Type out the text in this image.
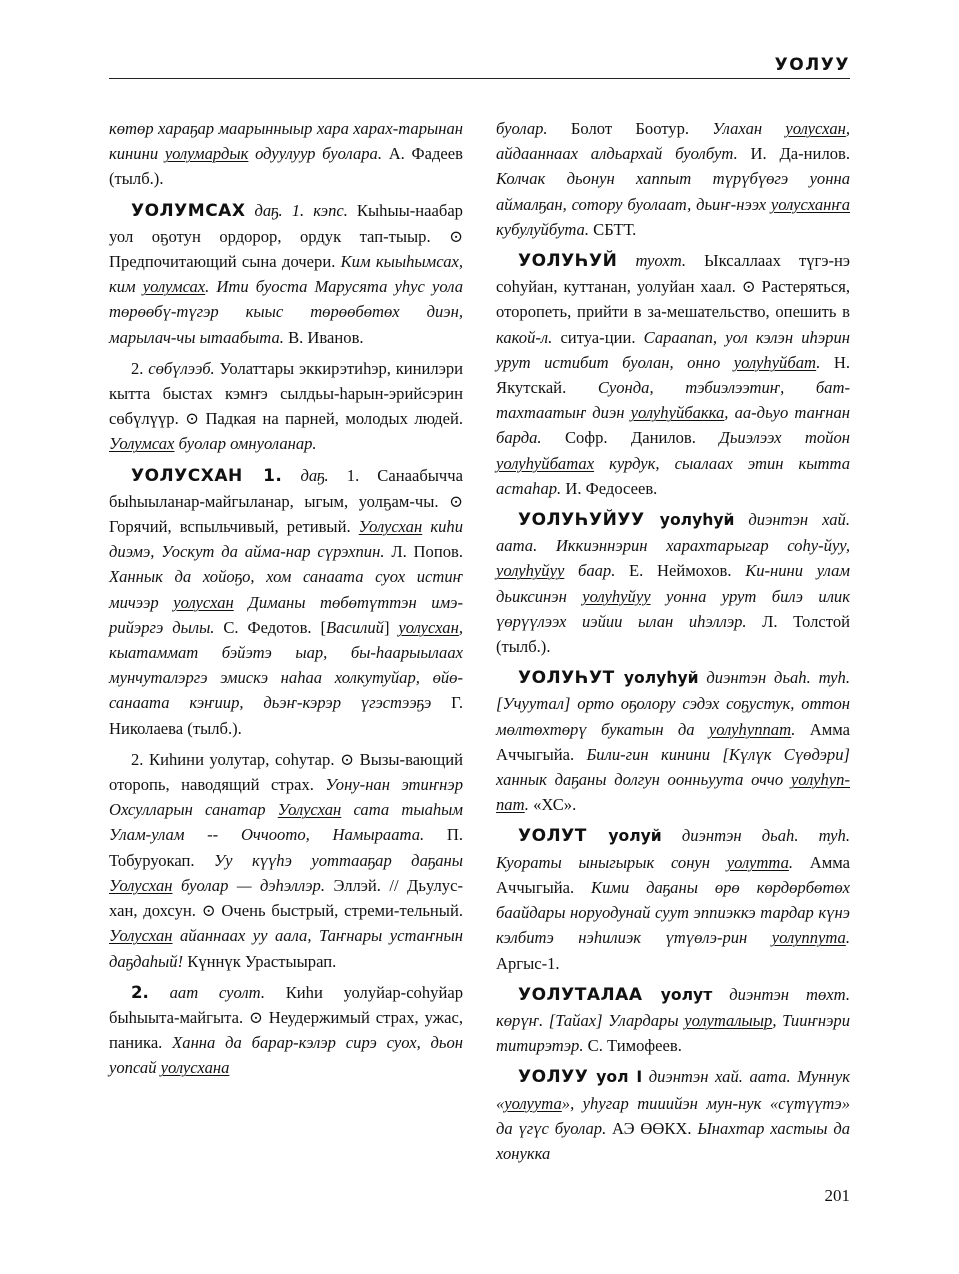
УОЛУУ

көтөр хараҕар маарынныыр хара харах-тарынан кинини уолумардык одуулуур буолара. А. Фадеев (тылб.).

УОЛУМСАХ даҕ. 1. кэпс. Кыһыы-наабар уол оҕотун ордорор, ордук тап-тыыр. ⊙ Предпочитающий сына дочери. Ким кыыһымсах, ким уолумсах. Ити буоста Марусята уһус уола төрөөбү-түгэр кыыс төрөөбөтөх диэн, марылач-чы ытаабыта. В. Иванов.

2. сөбүлээб. Уолаттары эккирэтиһэр, кинилэри кытта быстах кэмҥэ сылдьы-һарын-эрийсэрин сөбүлүүр. ⊙ Падкая на парней, молодых людей. Уолумсах буолар омнуоланар.

УОЛУСХАН 1. даҕ. 1. Санаабычча быһыыланар-майгыланар, ыгым, уолҕам-чы. ⊙ Горячий, вспыльчивый, ретивый. Уолусхан киһи диэмэ, Уоскут да айма-нар сүрэхпин. Л. Попов. Ханнык да хойоҕо, хом санаата суох истиҥ мичээр уолусхан Диманы төбөтүттэн имэ-рийэргэ дылы. С. Федотов. [Василий] уолусхан, кыатаммат бэйэтэ ыар, бы-һаарыылаах мунчуталэргэ эмискэ наһаа холкутуйар, өйө-санаата кэҥиир, дьэҥ-кэрэр үгэстээҕэ Г. Николаева (тылб.).

2. Киһини уолутар, соһутар. ⊙ Вызы-вающий оторопь, наводящий страх. Уону-нан этиҥнэр Охсулларын санатар Уолусхан сата тыаһым Улам-улам -- Оччоото, Намыраата. П. Тобуруокап. Уу күүһэ уоттааҕар даҕаны Уолусхан буолар — дэһэллэр. Эллэй. // Дьулус-хан, дохсун. ⊙ Очень быстрый, стреми-тельный. Уолусхан айаннаах уу аала, Таҥнары устаҥнын даҕдаһый! Күннүк Урастыырап.

2. аат суолт. Киһи уолуйар-соһуйар быһыыта-майгыта. ⊙ Неудержимый страх, ужас, паника. Ханна да барар-кэлэр сирэ суох, дьон уопсай уолусхана

буолар. Болот Боотур. Улахан уолусхан, айдааннаах алдьархай буолбут. И. Да-нилов. Колчак дьонун хаппыт түрүбүөгэ уонна аймалҕан, сотору буолаат, дьиҥ-нээх уолусханҥа кубулуйбута. СБТТ.

УОЛУҺУЙ туохт. Ыксаллаах түгэ-нэ соһуйан, куттанан, уолуйан хаал. ⊙ Растеряться, оторопеть, прийти в за-мешательство, опешить в какой-л. ситуа-ции. Сараапап, уол кэлэн иһэрин урут истибит буолан, онно уолуһуйбат. Н. Якутскай. Суонда, тэбиэлээтиҥ, бат-тахтаатыҥ диэн уолуһуйбакка, аа-дьуо таҥнан барда. Софр. Данилов. Дьиэлээх тойон уолуһуйбатах курдук, сыалаах этин кытта астаһар. И. Федосеев.

УОЛУҺУЙУУ уолуһуй диэнтэн хай. аата. Иккиэннэрин харахтарыгар соһу-йуу, уолуһуйуу баар. Е. Неймохов. Ки-нини улам дьиксинэн уолуһуйуу уонна урут билэ илик үөрүүлээх иэйии ылан иһэллэр. Л. Толстой (тылб.).

УОЛУҺУТ уолуһуй диэнтэн дьаһ. туһ. [Учуутал] орто оҕолору сэдэх соҕустук, оттон мөлтөхтөрү букатын да уолуһуппат. Амма Аччыгыйа. Били-гин кинини [Күлүк Сүөдэри] ханнык даҕаны долгун оонньуута оччо уолуһуп-пат. «ХС».

УОЛУТ уолуй диэнтэн дьаһ. туһ. Куораты ыныгырык сонун уолутта. Амма Аччыгыйа. Кими даҕаны өрө көрдөрбөтөх баайдары норуодунай суут эппиэккэ тардар күнэ кэлбитэ нэһилиэк үтүөлэ-рин уолуппута. Аргыс-1.

УОЛУТАЛАА уолут диэнтэн төхт. көрүҥ. [Тайах] Улардары уолуталыыр, Тииҥнэри титирэтэр. С. Тимофеев.

УОЛУУ уол I диэнтэн хай. аата. Муннук «уолуута», уһугар тииийэн мун-нук «сүтүүтэ» да үгүс буолар. АЭ ӨӨКХ. Ынахтар хастыы да хонукка

201
